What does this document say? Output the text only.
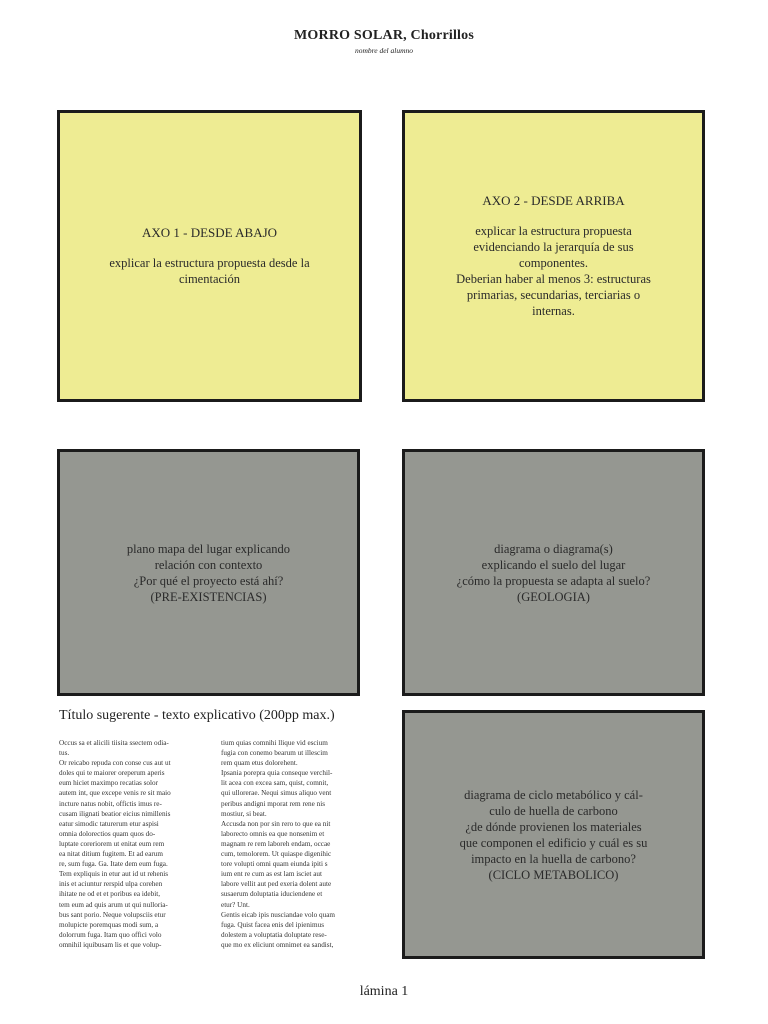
MORRO SOLAR, Chorrillos
nombre del alumno
AXO 1 - DESDE ABAJO
explicar la estructura propuesta desde la
cimentación
AXO 2 - DESDE ARRIBA
explicar la estructura propuesta
evidenciando la jerarquía de sus
componentes.
Deberian haber al menos 3: estructuras
primarias, secundarias, terciarias o
internas.
plano mapa del lugar explicando
relación con contexto
¿Por qué el proyecto está ahí?
(PRE-EXISTENCIAS)
diagrama o diagrama(s)
explicando el suelo del lugar
¿cómo la propuesta se adapta al suelo?
(GEOLOGIA)
Título sugerente - texto explicativo (200pp max.)
Occus sa et alicili tiisita ssectem odia-
tus.
Or reicabo repuda con conse cus aut ut
doles qui te maiorer oreperum aperis
eum hiciet maximpo recatias solor
autem int, que excepe venis re sit maio
incture natus nobit, offictis imus re-
cusam ilignati beatior eicius nimillenis
eatur simodic taturerum etur aspisi
omnia dolorectios quam quos do-
luptate coreriorem ut enitat eum rem
ea nitat ditium fugitem. Et ad earum
re, sum fuga. Ga. Itate dem eum fuga.
Tem expliquis in etur aut id ut rehenis
inis et aciuntur rerspid ulpa corehen
ihitate ne od et et poribus ea idebit,
tem eum ad quis arum ut qui nulloria-
bus sant porio. Neque volupsciis etur
molupicte poremquas modi sum, a
dolorrum fuga. Itam quo offici volo
omnihil iquibusam lis et que volup-
tium quias comnihi llique vid escium
fugia con conemo bearum ut illescim
rem quam etus dolorehent.
Ipsania porepra quia conseque verchil-
lit acea con excea sam, quist, comnit,
qui ullorerae. Nequi simus aliquo vent
peribus andigni mporat rem rene nis
mostiur, si beat.
Accusda non por sin rero to que ea nit
laborecto omnis ea que nonsenim et
magnam re rem laboreh endam, occae
cum, temolorem. Ut quiaspe digenihic
tore volupti omni quam eiunda ipiti s
ium ent re cum as est lam isciet aut
labore vellit aut ped exeria dolent aute
susaerum doluptatia iduciendene et
etur? Unt.
Gentis eicab ipis nusciandae volo quam
fuga. Quist facea enis del ipienimus
dolestem a voluptatia doluptate rese-
que mo ex eliciunt omnimet ea sandist,
diagrama de ciclo metabólico y cál-
culo de huella de carbono
¿de dónde provienen los materiales
que componen el edificio y cuál es su
impacto en la huella de carbono?
(CICLO METABOLICO)
lámina 1
